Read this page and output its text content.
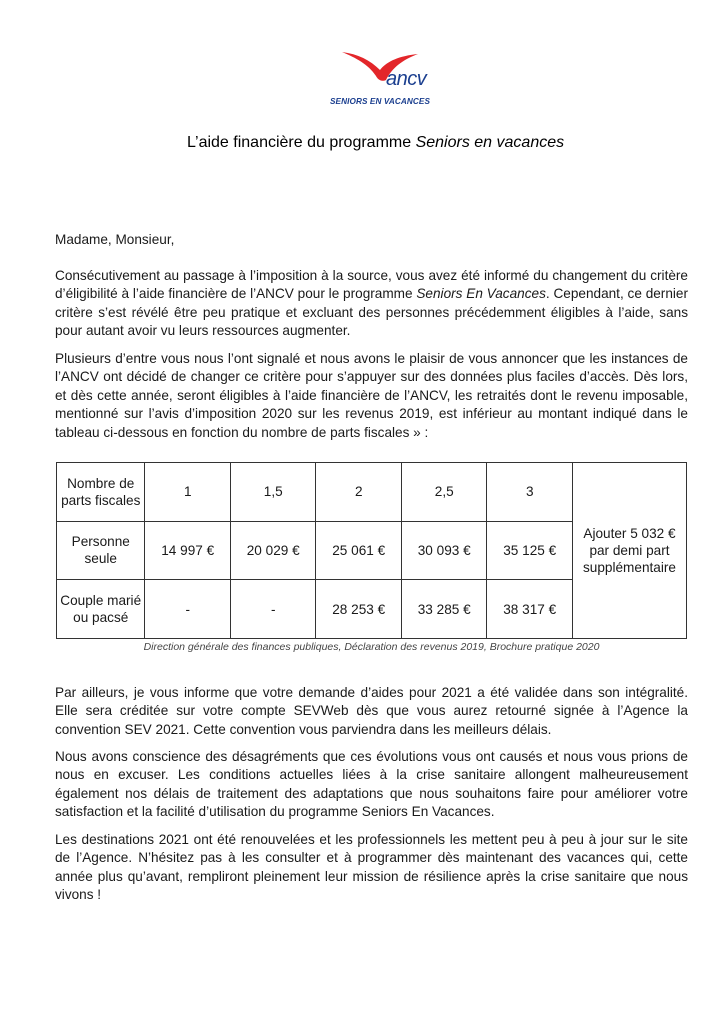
ancv
SENIORS EN VACANCES
L’aide financière du programme Seniors en vacances

Madame, Monsieur,

Consécutivement au passage à l’imposition à la source, vous avez été informé du changement du critère d’éligibilité à l’aide financière de l’ANCV pour le programme Seniors En Vacances. Cependant, ce dernier critère s’est révélé être peu pratique et excluant des personnes précédemment éligibles à l’aide, sans pour autant avoir vu leurs ressources augmenter.

Plusieurs d’entre vous nous l’ont signalé et nous avons le plaisir de vous annoncer que les instances de l’ANCV ont décidé de changer ce critère pour s’appuyer sur des données plus faciles d’accès. Dès lors, et dès cette année, seront éligibles à l’aide financière de l’ANCV, les retraités dont le revenu imposable, mentionné sur l’avis d’imposition 2020 sur les revenus 2019, est inférieur au montant indiqué dans le tableau ci-dessous en fonction du nombre de parts fiscales » :

Nombre de parts fiscales	1	1,5	2	2,5	3	Ajouter 5 032 € par demi part supplémentaire
Personne seule	14 997 €	20 029 €	25 061 €	30 093 €	35 125 €	
Couple marié ou pacsé	-	-	28 253 €	33 285 €	38 317 €	
Direction générale des finances publiques, Déclaration des revenus 2019, Brochure pratique 2020

Par ailleurs, je vous informe que votre demande d’aides pour 2021 a été validée dans son intégralité. Elle sera créditée sur votre compte SEVWeb dès que vous aurez retourné signée à l’Agence la convention SEV 2021. Cette convention vous parviendra dans les meilleurs délais.

Nous avons conscience des désagréments que ces évolutions vous ont causés et nous vous prions de nous en excuser. Les conditions actuelles liées à la crise sanitaire allongent malheureusement également nos délais de traitement des adaptations que nous souhaitons faire pour améliorer votre satisfaction et la facilité d’utilisation du programme Seniors En Vacances.

Les destinations 2021 ont été renouvelées et les professionnels les mettent peu à peu à jour sur le site de l’Agence. N’hésitez pas à les consulter et à programmer dès maintenant des vacances qui, cette année plus qu’avant, rempliront pleinement leur mission de résilience après la crise sanitaire que nous vivons !
